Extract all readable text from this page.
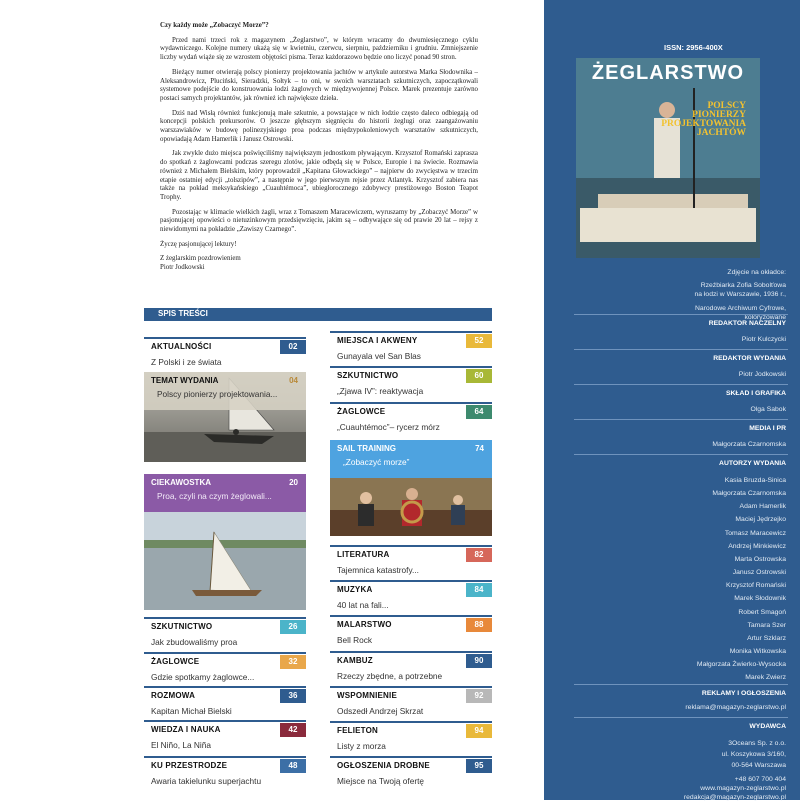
Czy każdy może „Zobaczyć Morze”?

Przed nami trzeci rok z magazynem „Żeglarstwo”, w którym wracamy do dwumiesięcznego cyklu wydawniczego. Kolejne numery ukażą się w kwietniu, czerwcu, sierpniu, październiku i grudniu. Zmniejszenie liczby wydań wiąże się ze wzrostem objętości pisma. Teraz każdorazowo będzie ono liczyć ponad 90 stron.

Bieżący numer otwierają polscy pionierzy projektowania jachtów w artykule autorstwa Marka Słodownika – Aleksandrowicz, Pluciński, Sieradzki, Sołtyk – to oni, w swoich warsztatach szkutniczych, zapoczątkowali systemowe podejście do konstruowania łodzi żaglowych w międzywojennej Polsce. Marek prezentuje zarówno postaci samych projektantów, jak również ich największe dzieła.

Dziś nad Wisłą również funkcjonują małe szkutnie, a powstające w nich łodzie często daleco odbiegają od koncepcji polskich prekursorów. O jeszcze głębszym sięgnięciu do historii żeglugi oraz zaangażowaniu warszawiaków w budowę polinezyjskiego proa podczas międzypokoleniowych warsztatów szkutniczych, opowiadają Adam Hamerlik i Janusz Ostrowski.

Jak zwykle dużo miejsca poświęciliśmy największym jednostkom pływającym. Krzysztof Romański zaprasza do spotkań z żaglowcami podczas szeregu zlotów, jakie odbędą się w Polsce, Europie i na świecie. Rozmawia również z Michałem Bielskim, który poprowadził „Kapitana Głowackiego” – najpierw do zwycięstwa w trzecim etapie ostatniej edycji „tolszipów”, a następnie w jego pierwszym rejsie przez Atlantyk. Krzysztof zabiera nas także na pokład meksykańskiego „Cuauhtémoca”, ubiegłorocznego zdobywcy prestiżowego Boston Teapot Trophy.

Pozostając w klimacie wielkich żagli, wraz z Tomaszem Maracewiczem, wyruszamy by „Zobaczyć Morze” w pasjonującej opowieści o nietuzinkowym przedsięwzięciu, jakim są – odbywające się od prawie 20 lat – rejsy z niewidomymi na pokładzie „Zawiszy Czarnego”.

Życzę pasjonującej lektury!

Z żeglarskim pozdrowieniem

Piotr Jodkowski

SPIS TREŚCI
AKTUALNOŚCI	02
Z Polski i ze świata
TEMAT WYDANIA	04
Polscy pionierzy projektowania...
CIEKAWOSTKA	20
Proa, czyli na czym żeglowali...
SZKUTNICTWO	26
Jak zbudowaliśmy proa
ŻAGLOWCE	32
Gdzie spotkamy żaglowce...
ROZMOWA	36
Kapitan Michał Bielski
WIEDZA I NAUKA	42
El Niño, La Niña
KU PRZESTRODZE	48
Awaria takielunku superjachtu
MIEJSCA I AKWENY	52
Gunayala vel San Blas
SZKUTNICTWO	60
„Zjawa IV”: reaktywacja
ŻAGLOWCE	64
„Cuauhtémoc”– rycerz mórz
SAIL TRAINING	74
„Zobaczyć morze”
LITERATURA	82
Tajemnica katastrofy...
MUZYKA	84
40 lat na fali...
MALARSTWO	88
Bell Rock
KAMBUZ	90
Rzeczy zbędne, a potrzebne
WSPOMNIENIE	92
Odszedł Andrzej Skrzat
FELIETON	94
Listy z morza
OGŁOSZENIA DROBNE	95
Miejsce na Twoją ofertę
ISSN: 2956-400X
ŻEGLARSTWO
POLSCY
PIONIERZY
PROJEKTOWANIA
JACHTÓW
Zdjęcie na okładce:
Rzeźbiarka Zofia Sobolťowa
na łodzi w Warszawie, 1936 r.,
Narodowe Archiwum Cyfrowe,
koloryzowane
REDAKTOR NACZELNY
Piotr Kulczycki
REDAKTOR WYDANIA
Piotr Jodkowski
SKŁAD I GRAFIKA
Olga Sabok
MEDIA I PR
Małgorzata Czarnomska
AUTORZY WYDANIA
Kasia Bruzda-Sinica
Małgorzata Czarnomska
Adam Hamerlik
Maciej Jędrzejko
Tomasz Maracewicz
Andrzej Minkiewicz
Marta Ostrowska
Janusz Ostrowski
Krzysztof Romański
Marek Słodownik
Robert Smagoń
Tamara Szer
Artur Szklarz
Monika Witkowska
Małgorzata Żwierko-Wysocka
Marek Zwierz
REKLAMY I OGŁOSZENIA
reklama@magazyn-zeglarstwo.pl
WYDAWCA
3Oceans Sp. z o.o.
ul. Koszykowa 3/160,
00-564 Warszawa
+48 607 700 404
www.magazyn-zeglarstwo.pl
redakcja@magazyn-zeglarstwo.pl
